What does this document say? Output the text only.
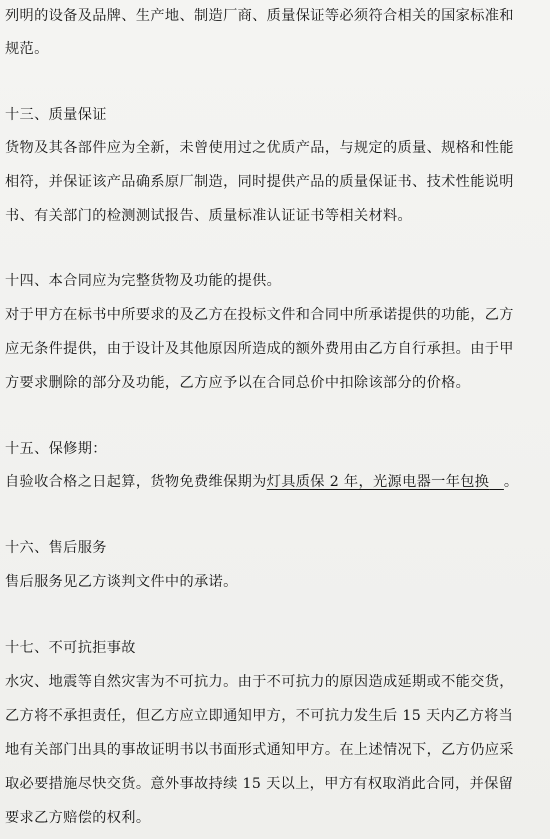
列明的设备及品牌、生产地、制造厂商、质量保证等必须符合相关的国家标准和
规范。
十三、质量保证
货物及其各部件应为全新，未曾使用过之优质产品，与规定的质量、规格和性能
相符，并保证该产品确系原厂制造，同时提供产品的质量保证书、技术性能说明
书、有关部门的检测测试报告、质量标准认证证书等相关材料。
十四、本合同应为完整货物及功能的提供。
对于甲方在标书中所要求的及乙方在投标文件和合同中所承诺提供的功能，乙方
应无条件提供，由于设计及其他原因所造成的额外费用由乙方自行承担。由于甲
方要求删除的部分及功能，乙方应予以在合同总价中扣除该部分的价格。
十五、保修期：
自验收合格之日起算，货物免费维保期为灯具质保 2 年，光源电器一年包换 。
十六、售后服务
售后服务见乙方谈判文件中的承诺。
十七、不可抗拒事故
水灾、地震等自然灾害为不可抗力。由于不可抗力的原因造成延期或不能交货，
乙方将不承担责任，但乙方应立即通知甲方，不可抗力发生后 15 天内乙方将当
地有关部门出具的事故证明书以书面形式通知甲方。在上述情况下，乙方仍应采
取必要措施尽快交货。意外事故持续 15 天以上，甲方有权取消此合同，并保留
要求乙方赔偿的权利。
